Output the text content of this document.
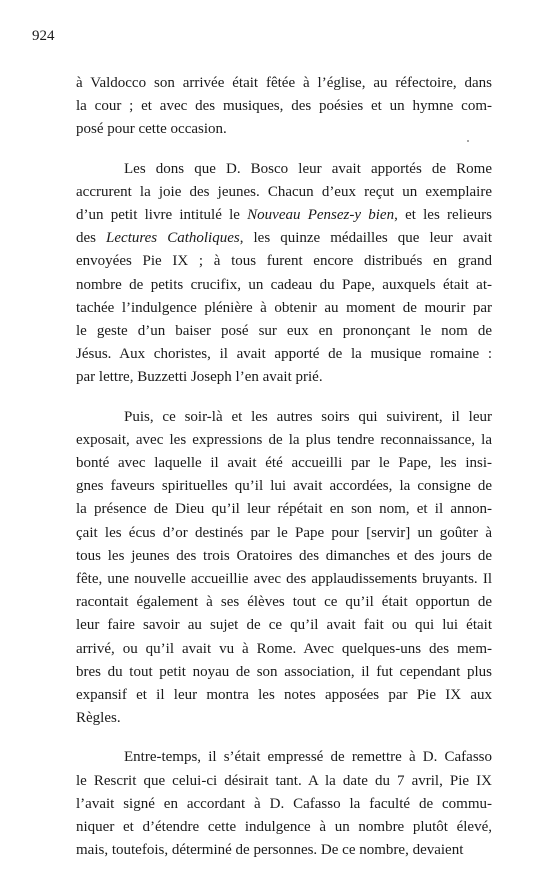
924
à Valdocco son arrivée était fêtée à l’église, au réfectoire, dans
la cour ; et avec des musiques, des poésies et un hymne com-
posé pour cette occasion.
Les dons que D. Bosco leur avait apportés de Rome
accrurent la joie des jeunes. Chacun d’eux reçut un exemplaire
d’un petit livre intitulé le Nouveau Pensez-y bien, et les relieurs
des Lectures Catholiques, les quinze médailles que leur avait
envoyées Pie IX ; à tous furent encore distribués en grand
nombre de petits crucifix, un cadeau du Pape, auxquels était at-
tachée l’indulgence plénière à obtenir au moment de mourir par
le geste d’un baiser posé sur eux en prononçant le nom de
Jésus. Aux choristes, il avait apporté de la musique romaine :
par lettre, Buzzetti Joseph l’en avait prié.
Puis, ce soir-là et les autres soirs qui suivirent, il leur
exposait, avec les expressions de la plus tendre reconnaissance, la
bonté avec laquelle il avait été accueilli par le Pape, les insi-
gnes faveurs spirituelles qu’il lui avait accordées, la consigne de
la présence de Dieu qu’il leur répétait en son nom, et il annon-
çait les écus d’or destinés par le Pape pour [servir] un goûter à
tous les jeunes des trois Oratoires des dimanches et des jours de
fête, une nouvelle accueillie avec des applaudissements bruyants. Il
racontait également à ses élèves tout ce qu’il était opportun de
leur faire savoir au sujet de ce qu’il avait fait ou qui lui était
arrivé, ou qu’il avait vu à Rome. Avec quelques-uns des mem-
bres du tout petit noyau de son association, il fut cependant plus
expansif et il leur montra les notes apposées par Pie IX aux
Règles.
Entre-temps, il s’était empressé de remettre à D. Cafasso
le Rescrit que celui-ci désirait tant. A la date du 7 avril, Pie IX
l’avait signé en accordant à D. Cafasso la faculté de commu-
niquer et d’étendre cette indulgence à un nombre plutôt élevé,
mais, toutefois, déterminé de personnes. De ce nombre, devaient
